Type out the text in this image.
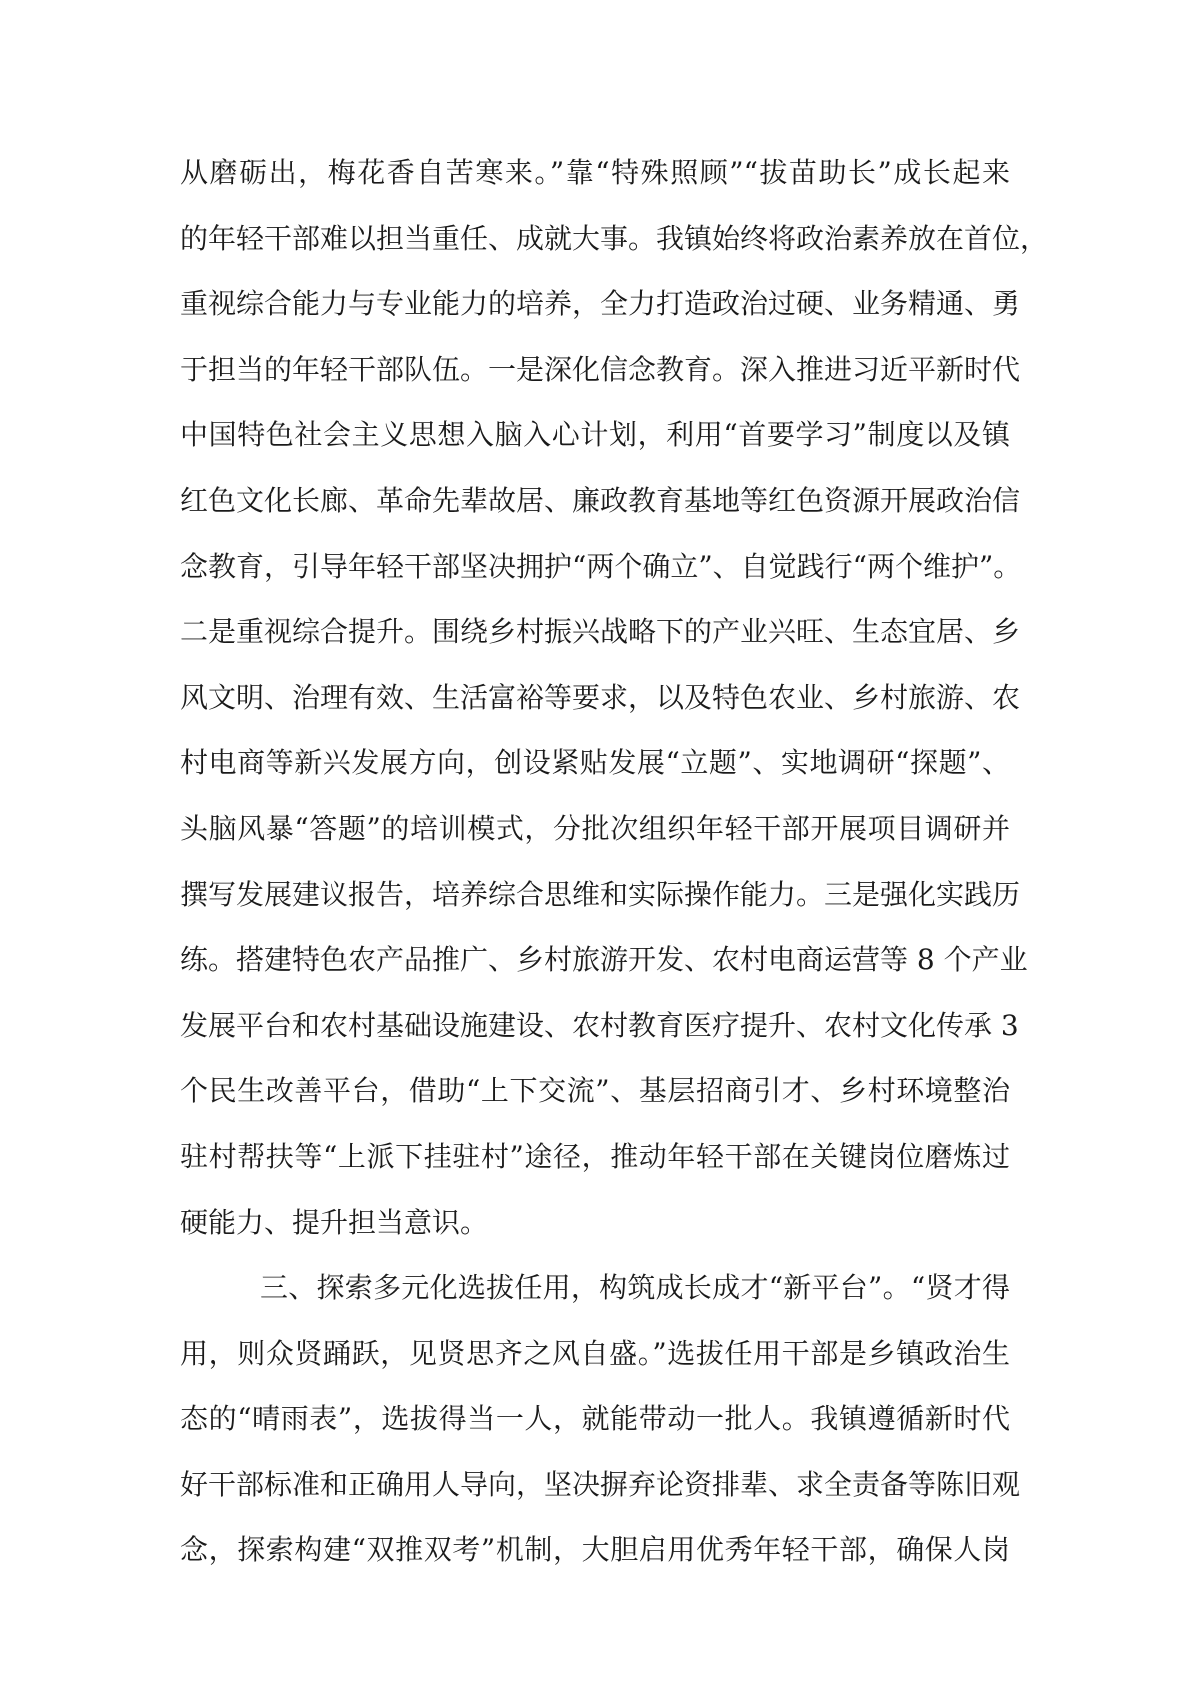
从磨砺出，梅花香自苦寒来。”靠“特殊照顾”“拔苗助长”成长起来
的年轻干部难以担当重任、成就大事。我镇始终将政治素养放在首位，
重视综合能力与专业能力的培养，全力打造政治过硬、业务精通、勇
于担当的年轻干部队伍。一是深化信念教育。深入推进习近平新时代
中国特色社会主义思想入脑入心计划，利用“首要学习”制度以及镇
红色文化长廊、革命先辈故居、廉政教育基地等红色资源开展政治信
念教育，引导年轻干部坚决拥护“两个确立”、自觉践行“两个维护”。
二是重视综合提升。围绕乡村振兴战略下的产业兴旺、生态宜居、乡
风文明、治理有效、生活富裕等要求，以及特色农业、乡村旅游、农
村电商等新兴发展方向，创设紧贴发展“立题”、实地调研“探题”、
头脑风暴“答题”的培训模式，分批次组织年轻干部开展项目调研并
撰写发展建议报告，培养综合思维和实际操作能力。三是强化实践历
练。搭建特色农产品推广、乡村旅游开发、农村电商运营等 8 个产业
发展平台和农村基础设施建设、农村教育医疗提升、农村文化传承 3
个民生改善平台，借助“上下交流”、基层招商引才、乡村环境整治
驻村帮扶等“上派下挂驻村”途径，推动年轻干部在关键岗位磨炼过
硬能力、提升担当意识。
三、探索多元化选拔任用，构筑成长成才“新平台”。“贤才得
用，则众贤踊跃，见贤思齐之风自盛。”选拔任用干部是乡镇政治生
态的“晴雨表”，选拔得当一人，就能带动一批人。我镇遵循新时代
好干部标准和正确用人导向，坚决摒弃论资排辈、求全责备等陈旧观
念，探索构建“双推双考”机制，大胆启用优秀年轻干部，确保人岗
